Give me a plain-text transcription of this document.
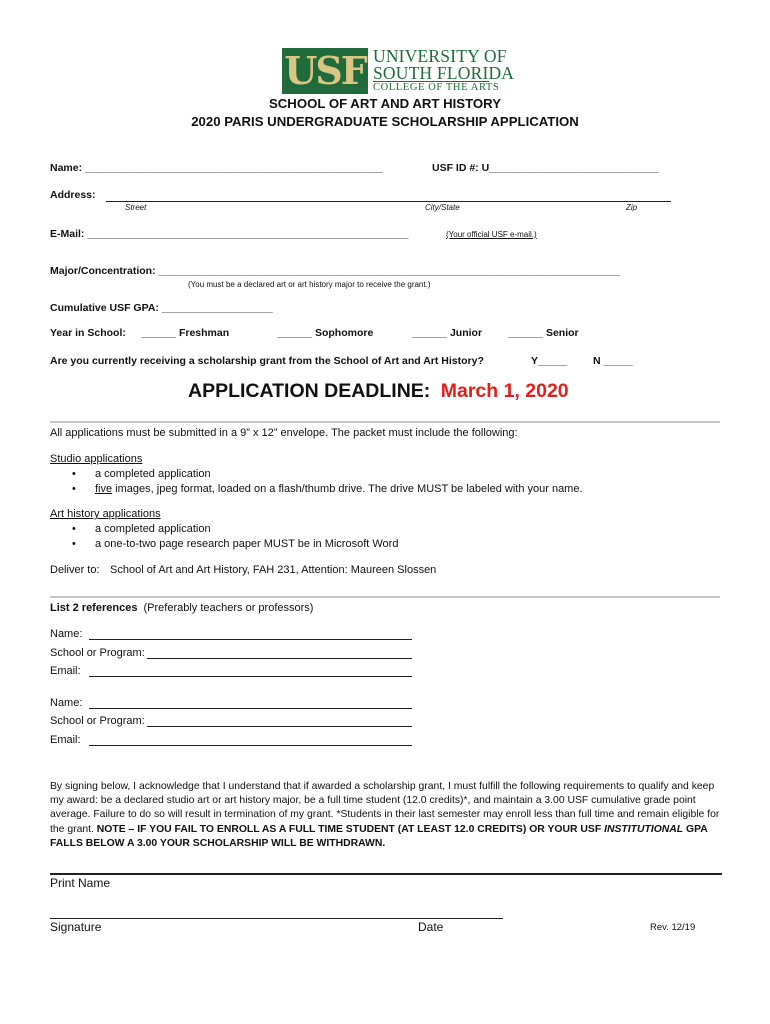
USF UNIVERSITY OF
SOUTH FLORIDA
COLLEGE OF THE ARTS
SCHOOL OF ART AND ART HISTORY
2020 PARIS UNDERGRADUATE SCHOLARSHIP APPLICATION
Name: ___________________________________________________	USF ID #: U_____________________________
Address:
Street	City/State	Zip
E-Mail: _______________________________________________________	(Your official USF e-mail.)
Major/Concentration: _______________________________________________________________________________
(You must be a declared art or art history major to receive the grant.)
Cumulative USF GPA: ___________________
Year in School: ______ Freshman	______ Sophomore	______ Junior ______ Senior
Are you currently receiving a scholarship grant from the School of Art and Art History?	Y_____ N _____
APPLICATION DEADLINE: March 1, 2020
All applications must be submitted in a 9” x 12” envelope. The packet must include the following:
Studio applications
• a completed application
• five images, jpeg format, loaded on a flash/thumb drive. The drive MUST be labeled with your name.
Art history applications
• a completed application
• a one-to-two page research paper MUST be in Microsoft Word
Deliver to: School of Art and Art History, FAH 231, Attention: Maureen Slossen
List 2 references (Preferably teachers or professors)
Name:
School or Program:
Email:
Name:
School or Program:
Email:
By signing below, I acknowledge that I understand that if awarded a scholarship grant, I must fulfill the following requirements to qualify and keep my award: be a declared studio art or art history major, be a full time student (12.0 credits)*, and maintain a 3.00 USF cumulative grade point average. Failure to do so will result in termination of my grant. *Students in their last semester may enroll less than full time and remain eligible for the grant. NOTE – IF YOU FAIL TO ENROLL AS A FULL TIME STUDENT (AT LEAST 12.0 CREDITS) OR YOUR USF INSTITUTIONAL GPA FALLS BELOW A 3.00 YOUR SCHOLARSHIP WILL BE WITHDRAWN.
Print Name
Signature	Date	Rev. 12/19
